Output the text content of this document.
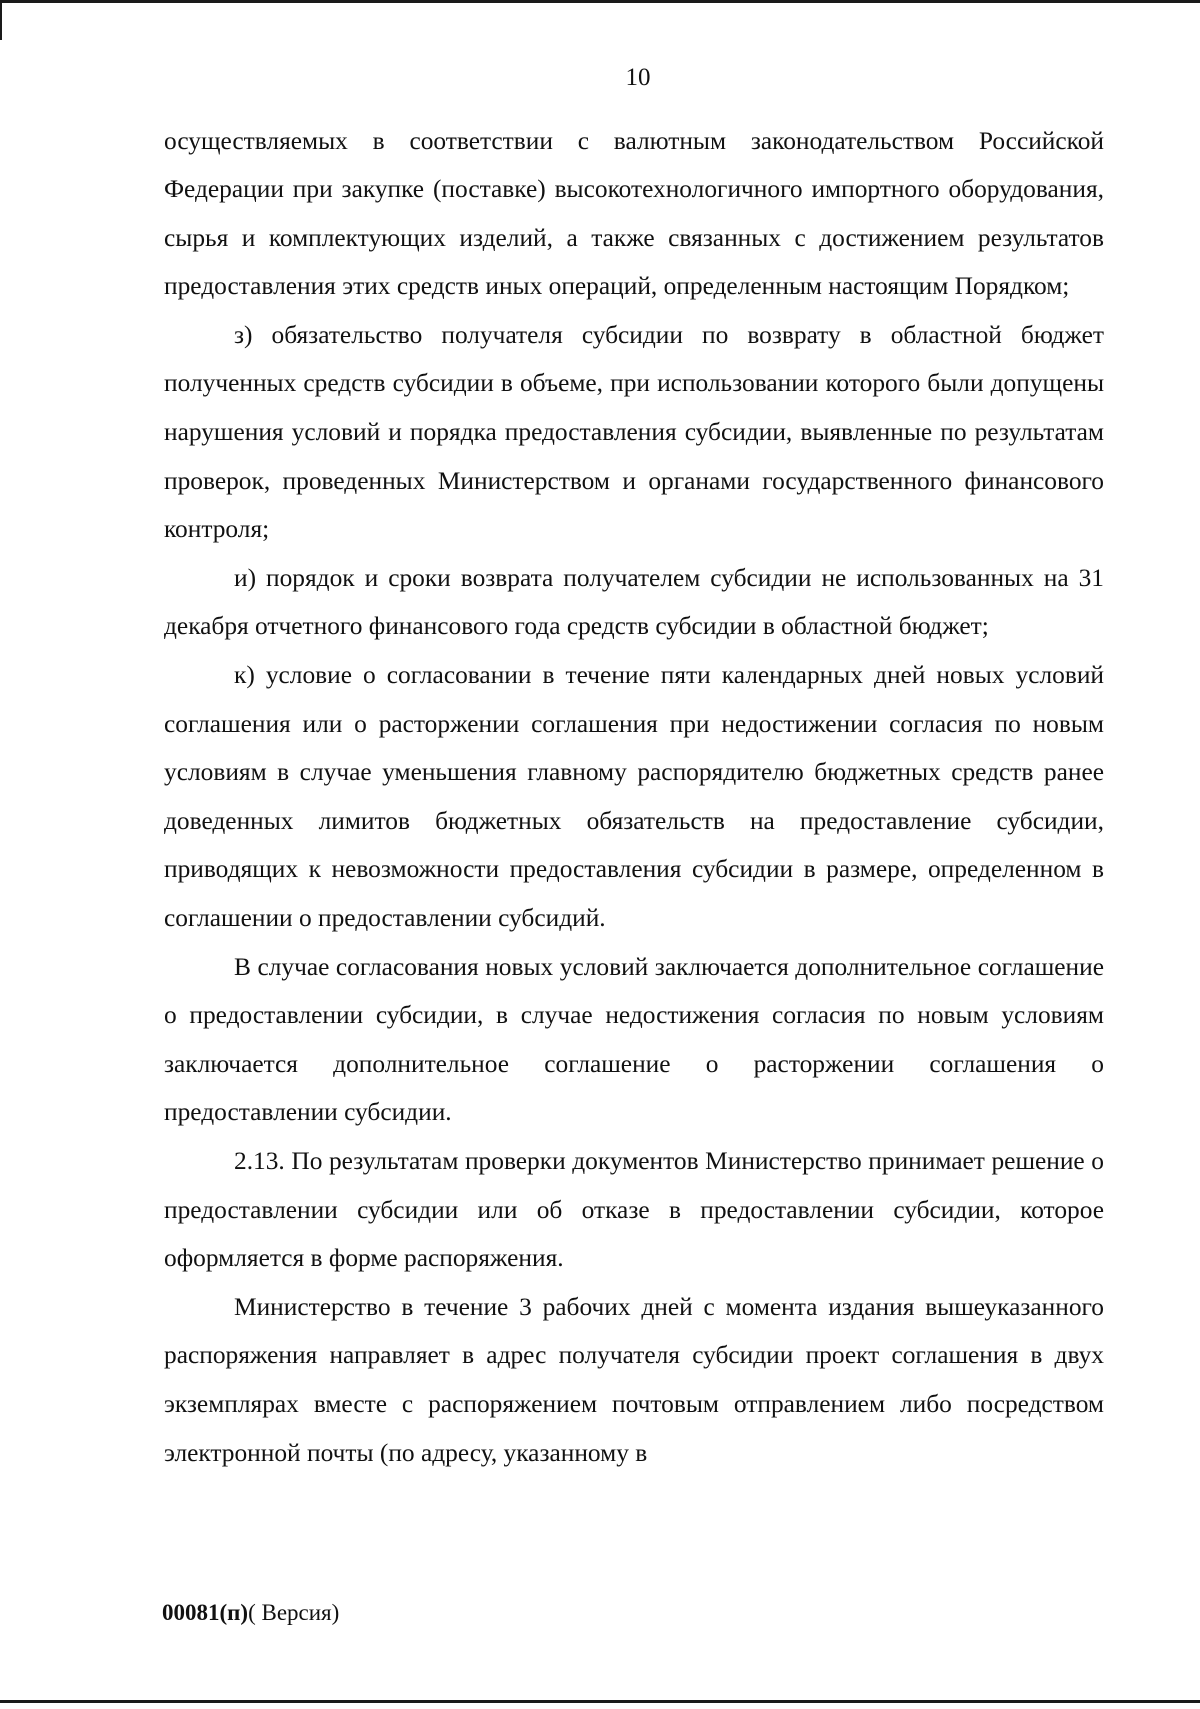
10

осуществляемых в соответствии с валютным законодательством Российской Федерации при закупке (поставке) высокотехнологичного импортного оборудования, сырья и комплектующих изделий, а также связанных с достижением результатов предоставления этих средств иных операций, определенным настоящим Порядком;

з) обязательство получателя субсидии по возврату в областной бюджет полученных средств субсидии в объеме, при использовании которого были допущены нарушения условий и порядка предоставления субсидии, выявленные по результатам проверок, проведенных Министерством и органами государственного финансового контроля;

и) порядок и сроки возврата получателем субсидии не использованных на 31 декабря отчетного финансового года средств субсидии в областной бюджет;

к) условие о согласовании в течение пяти календарных дней новых условий соглашения или о расторжении соглашения при недостижении согласия по новым условиям в случае уменьшения главному распорядителю бюджетных средств ранее доведенных лимитов бюджетных обязательств на предоставление субсидии, приводящих к невозможности предоставления субсидии в размере, определенном в соглашении о предоставлении субсидий.

В случае согласования новых условий заключается дополнительное соглашение о предоставлении субсидии, в случае недостижения согласия по новым условиям заключается дополнительное соглашение о расторжении соглашения о предоставлении субсидии.

2.13. По результатам проверки документов Министерство принимает решение о предоставлении субсидии или об отказе в предоставлении субсидии, которое оформляется в форме распоряжения.

Министерство в течение 3 рабочих дней с момента издания вышеуказанного распоряжения направляет в адрес получателя субсидии проект соглашения в двух экземплярах вместе с распоряжением почтовым отправлением либо посредством электронной почты (по адресу, указанному в

00081(п)( Версия)
